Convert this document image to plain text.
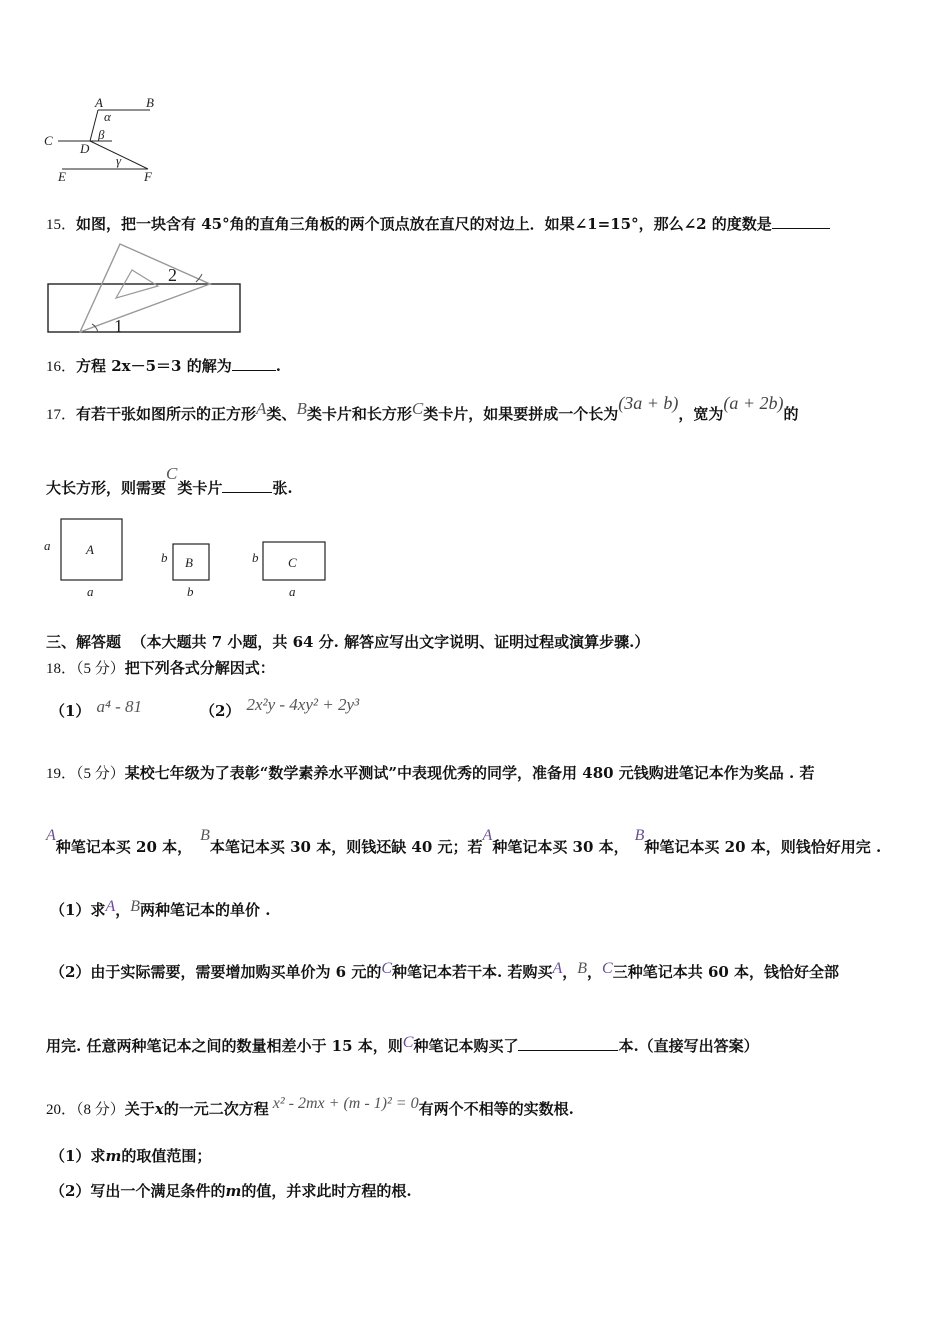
A	B
C
D
E	F
α
β
γ
15．如图，把一块含有 45°角的直角三角板的两个顶点放在直尺的对边上．如果∠1=15°，那么∠2 的度数是
2
1
16．方程 2x－5＝3 的解为	.
17．有若干张如图所示的正方形A类、B类卡片和长方形C类卡片，如果要拼成一个长为(3a + b)，宽为(a + 2b)的
大长方形，则需要C类卡片	张.
a	A
a
b B
b
b C
a
三、解答题 （本大题共 7 小题，共 64 分. 解答应写出文字说明、证明过程或演算步骤.）
18．（5 分）把下列各式分解因式：
（1） a⁴ - 81	（2） 2x²y - 4xy² + 2y³
19．（5 分）某校七年级为了表彰“数学素养水平测试”中表现优秀的同学，准备用 480 元钱购进笔记本作为奖品 . 若
A种笔记本买 20 本，B本笔记本买 30 本，则钱还缺 40 元；若A种笔记本买 30 本，B种笔记本买 20 本，则钱恰好用完 .
（1）求A，B两种笔记本的单价 .
（2）由于实际需要，需要增加购买单价为 6 元的C种笔记本若干本. 若购买A，B，C三种笔记本共 60 本，钱恰好全部
用完. 任意两种笔记本之间的数量相差小于 15 本，则C种笔记本购买了	本.（直接写出答案）
20．（8 分）关于x的一元二次方程 x² - 2mx + (m - 1)² = 0有两个不相等的实数根.
（1）求m的取值范围；
（2）写出一个满足条件的m的值，并求此时方程的根.
